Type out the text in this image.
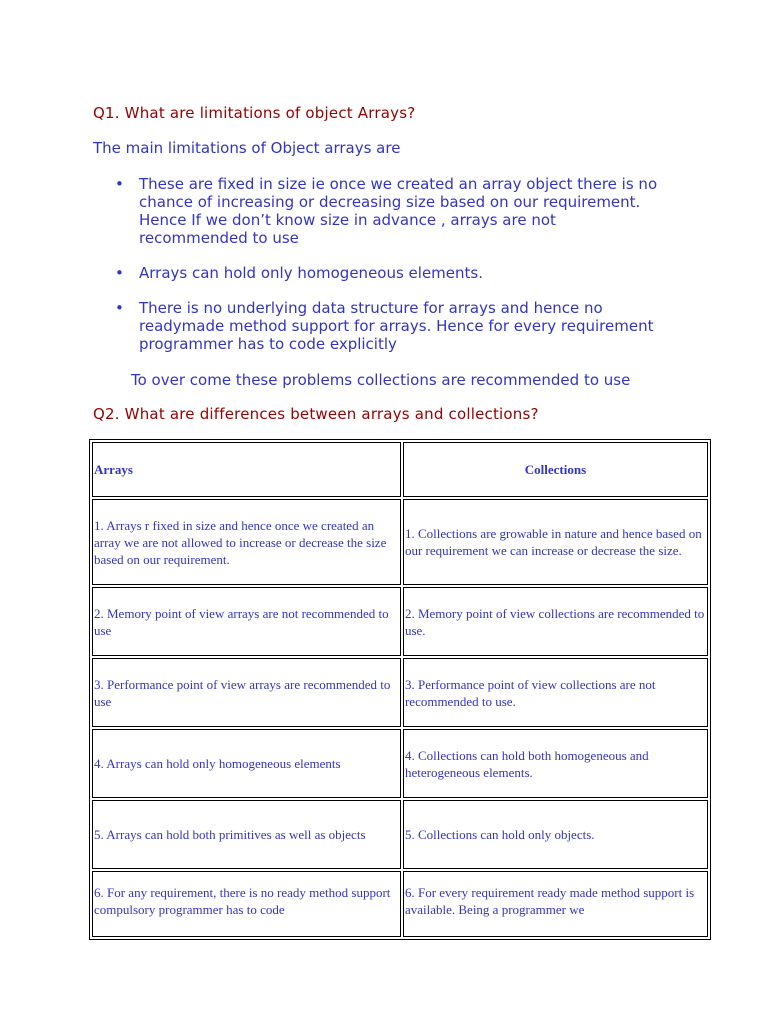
Q1. What are limitations of object Arrays?
The main limitations of Object arrays are
• These are fixed in size ie once we created an array object there is no chance of increasing or decreasing size based on our requirement. Hence If we don’t know size in advance , arrays are not recommended to use
• Arrays can hold only homogeneous elements.
• There is no underlying data structure for arrays and hence no readymade method support for arrays. Hence for every requirement programmer has to code explicitly
To over come these problems collections are recommended to use
Q2. What are differences between arrays and collections?
Arrays	Collections

1. Arrays r fixed in size and hence once we created an array we are not allowed to increase or decrease the size based on our requirement.	1. Collections are growable in nature and hence based on our requirement we can increase or decrease the size.
2. Memory point of view arrays are not recommended to use	2. Memory point of view collections are recommended to use.
3. Performance point of view arrays are recommended to use	3. Performance point of view collections are not recommended to use.
4. Arrays can hold only homogeneous elements	4. Collections can hold both homogeneous and heterogeneous elements.
5. Arrays can hold both primitives as well as objects	5. Collections can hold only objects.
6. For any requirement, there is no ready method support compulsory programmer has to code	6. For every requirement ready made method support is available. Being a programmer we
